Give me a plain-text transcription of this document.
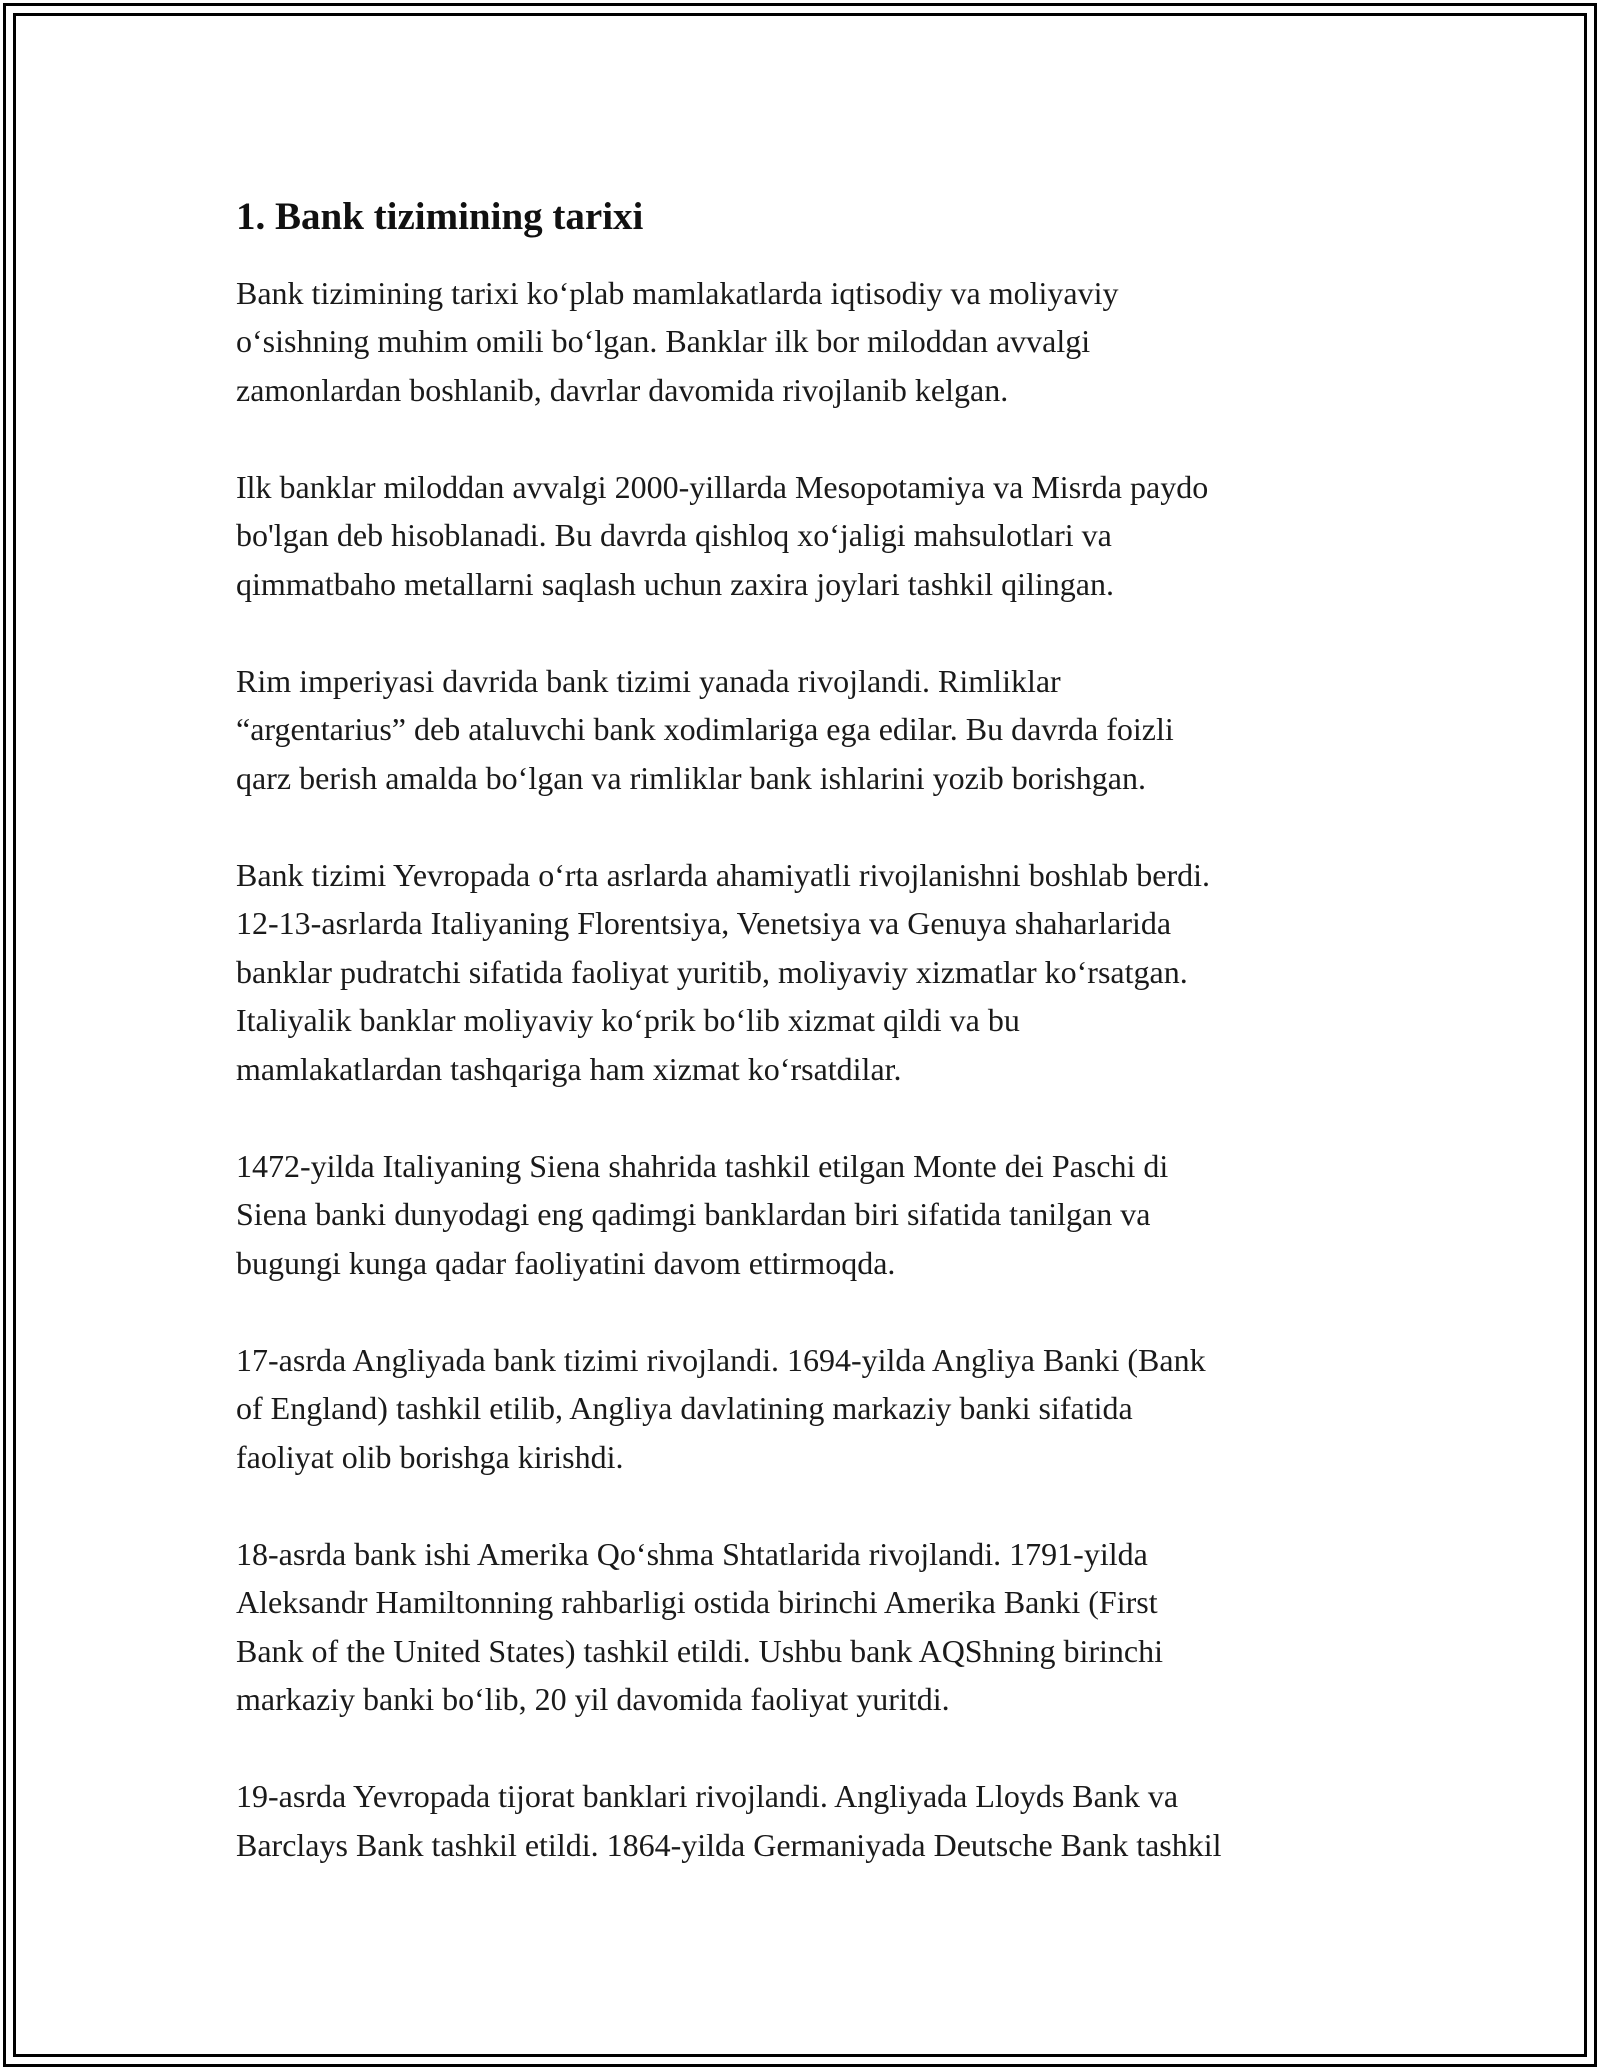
1. Bank tizimining tarixi

Bank tizimining tarixi ko‘plab mamlakatlarda iqtisodiy va moliyaviy
o‘sishning muhim omili bo‘lgan. Banklar ilk bor miloddan avvalgi
zamonlardan boshlanib, davrlar davomida rivojlanib kelgan.

Ilk banklar miloddan avvalgi 2000-yillarda Mesopotamiya va Misrda paydo
bo'lgan deb hisoblanadi. Bu davrda qishloq xo‘jaligi mahsulotlari va
qimmatbaho metallarni saqlash uchun zaxira joylari tashkil qilingan.

Rim imperiyasi davrida bank tizimi yanada rivojlandi. Rimliklar
“argentarius” deb ataluvchi bank xodimlariga ega edilar. Bu davrda foizli
qarz berish amalda bo‘lgan va rimliklar bank ishlarini yozib borishgan.

Bank tizimi Yevropada o‘rta asrlarda ahamiyatli rivojlanishni boshlab berdi.
12-13-asrlarda Italiyaning Florentsiya, Venetsiya va Genuya shaharlarida
banklar pudratchi sifatida faoliyat yuritib, moliyaviy xizmatlar ko‘rsatgan.
Italiyalik banklar moliyaviy ko‘prik bo‘lib xizmat qildi va bu
mamlakatlardan tashqariga ham xizmat ko‘rsatdilar.

1472-yilda Italiyaning Siena shahrida tashkil etilgan Monte dei Paschi di
Siena banki dunyodagi eng qadimgi banklardan biri sifatida tanilgan va
bugungi kunga qadar faoliyatini davom ettirmoqda.

17-asrda Angliyada bank tizimi rivojlandi. 1694-yilda Angliya Banki (Bank
of England) tashkil etilib, Angliya davlatining markaziy banki sifatida
faoliyat olib borishga kirishdi.

18-asrda bank ishi Amerika Qo‘shma Shtatlarida rivojlandi. 1791-yilda
Aleksandr Hamiltonning rahbarligi ostida birinchi Amerika Banki (First
Bank of the United States) tashkil etildi. Ushbu bank AQShning birinchi
markaziy banki bo‘lib, 20 yil davomida faoliyat yuritdi.

19-asrda Yevropada tijorat banklari rivojlandi. Angliyada Lloyds Bank va
Barclays Bank tashkil etildi. 1864-yilda Germaniyada Deutsche Bank tashkil
